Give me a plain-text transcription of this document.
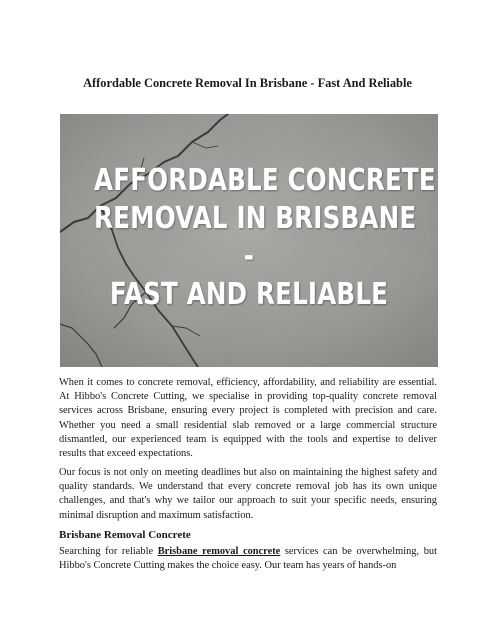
Affordable Concrete Removal In Brisbane - Fast And Reliable
AFFORDABLE CONCRETE
REMOVAL IN BRISBANE
-
FAST AND RELIABLE

When it comes to concrete removal, efficiency, affordability, and reliability are essential. At Hibbo's Concrete Cutting, we specialise in providing top-quality concrete removal services across Brisbane, ensuring every project is completed with precision and care. Whether you need a small residential slab removed or a large commercial structure dismantled, our experienced team is equipped with the tools and expertise to deliver results that exceed expectations.

Our focus is not only on meeting deadlines but also on maintaining the highest safety and quality standards. We understand that every concrete removal job has its own unique challenges, and that's why we tailor our approach to suit your specific needs, ensuring minimal disruption and maximum satisfaction.

Brisbane Removal Concrete

Searching for reliable Brisbane removal concrete services can be overwhelming, but Hibbo's Concrete Cutting makes the choice easy. Our team has years of hands-on
